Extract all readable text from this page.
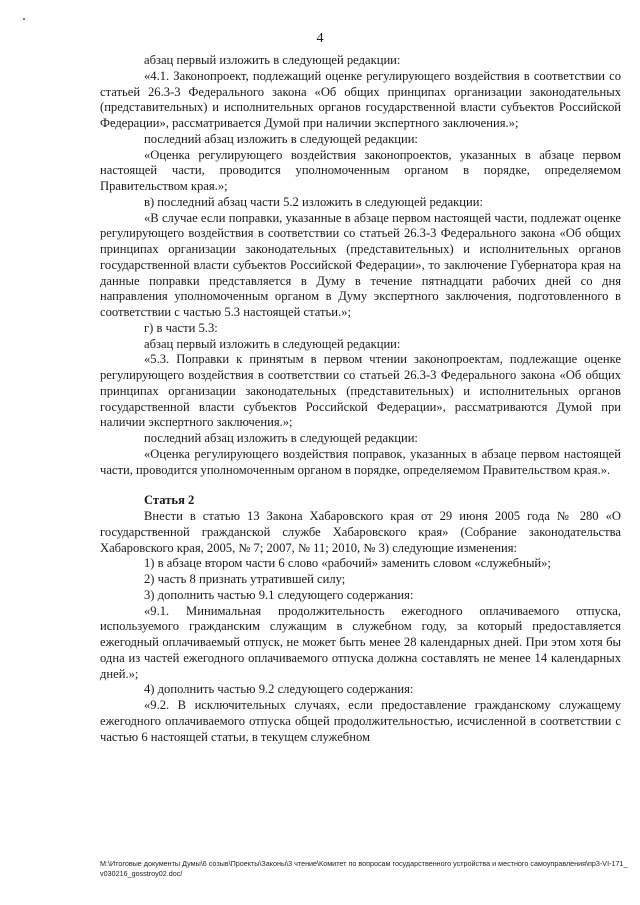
4

абзац первый изложить в следующей редакции:

«4.1. Законопроект, подлежащий оценке регулирующего воздействия в соответствии со статьей 26.3-3 Федерального закона «Об общих принципах организации законодательных (представительных) и исполнительных органов государственной власти субъектов Российской Федерации», рассматривается Думой при наличии экспертного заключения.»;

последний абзац изложить в следующей редакции:

«Оценка регулирующего воздействия законопроектов, указанных в абзаце первом настоящей части, проводится уполномоченным органом в порядке, определяемом Правительством края.»;

в) последний абзац части 5.2 изложить в следующей редакции:

«В случае если поправки, указанные в абзаце первом настоящей части, подлежат оценке регулирующего воздействия в соответствии со статьей 26.3-3 Федерального закона «Об общих принципах организации законодательных (представительных) и исполнительных органов государственной власти субъектов Российской Федерации», то заключение Губернатора края на данные поправки представляется в Думу в течение пятнадцати рабочих дней со дня направления уполномоченным органом в Думу экспертного заключения, подготовленного в соответствии с частью 5.3 настоящей статьи.»;

г) в части 5.3:

абзац первый изложить в следующей редакции:

«5.3. Поправки к принятым в первом чтении законопроектам, подлежащие оценке регулирующего воздействия в соответствии со статьей 26.3-3 Федерального закона «Об общих принципах организации законодательных (представительных) и исполнительных органов государственной власти субъектов Российской Федерации», рассматриваются Думой при наличии экспертного заключения.»;

последний абзац изложить в следующей редакции:

«Оценка регулирующего воздействия поправок, указанных в абзаце первом настоящей части, проводится уполномоченным органом в порядке, определяемом Правительством края.».

Статья 2

Внести в статью 13 Закона Хабаровского края от 29 июня 2005 года № 280 «О государственной гражданской службе Хабаровского края» (Собрание законодательства Хабаровского края, 2005, № 7; 2007, № 11; 2010, № 3) следующие изменения:

1) в абзаце втором части 6 слово «рабочий» заменить словом «служебный»;

2) часть 8 признать утратившей силу;

3) дополнить частью 9.1 следующего содержания:

«9.1. Минимальная продолжительность ежегодного оплачиваемого отпуска, используемого гражданским служащим в служебном году, за который предоставляется ежегодный оплачиваемый отпуск, не может быть менее 28 календарных дней. При этом хотя бы одна из частей ежегодного оплачиваемого отпуска должна составлять не менее 14 календарных дней.»;

4) дополнить частью 9.2 следующего содержания:

«9.2. В исключительных случаях, если предоставление гражданскому служащему ежегодного оплачиваемого отпуска общей продолжительностью, исчисленной в соответствии с частью 6 настоящей статьи, в текущем служебном

M:\Итоговые документы Думы\6 созыв\Проекты\Законы\3 чтение\Комитет по вопросам государственного устройства и местного самоуправления\пр3-VI-171_v030216_gosstroy02.doc/
